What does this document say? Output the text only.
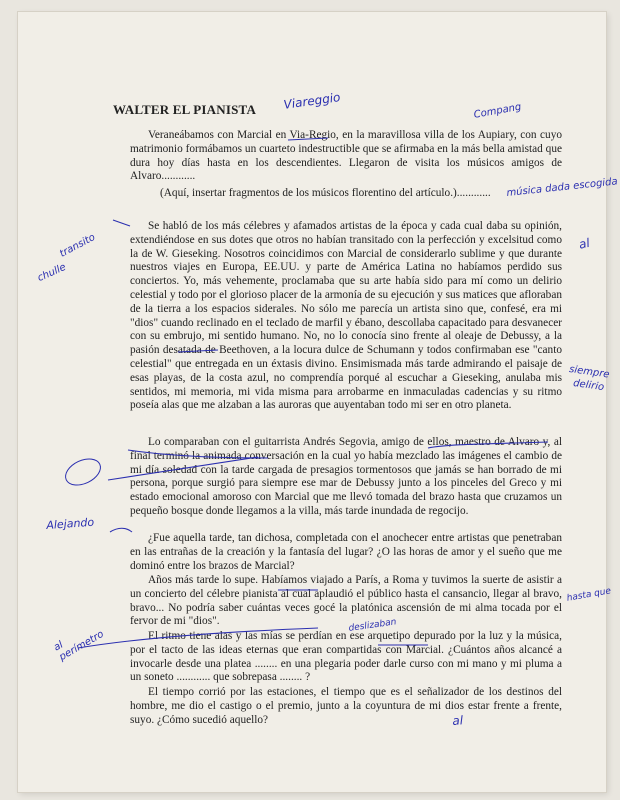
WALTER EL PIANISTA

Veraneábamos con Marcial en Via-Regio, en la maravillosa villa de los Aupiary, con cuyo matrimonio formábamos un cuarteto indestructible que se afirmaba en la más bella amistad que dura hoy días hasta en los descendientes. Llegaron de visita los músicos amigos de Alvaro............

(Aquí, insertar fragmentos de los músicos florentino del artículo.)............

Se habló de los más célebres y afamados artistas de la época y cada cual daba su opinión, extendiéndose en sus dotes que otros no habían transitado con la perfección y excelsitud como la de W. Gieseking. Nosotros coincidimos con Marcial de considerarlo sublime y que durante nuestros viajes en Europa, EE.UU. y parte de América Latina no habíamos perdido sus conciertos. Yo, más vehemente, proclamaba que su arte había sido para mí como un delirio celestial y todo por el glorioso placer de la armonía de su ejecución y sus matices que afloraban de la tierra a los espacios siderales. No sólo me parecía un artista sino que, confesé, era mi "dios" cuando reclinado en el teclado de marfil y ébano, descollaba capacitado para desvanecer con su embrujo, mi sentido humano. No, no lo conocía sino frente al oleaje de Debussy, a la pasión desatada de Beethoven, a la locura dulce de Schumann y todos confirmaban ese "canto celestial" que entregada en un éxtasis divino. Ensimismada más tarde admirando el paisaje de esas playas, de la costa azul, no comprendía porqué al escuchar a Gieseking, anulaba mis sentidos, mi memoria, mi vida misma para arrobarme en inmaculadas cadencias y su ritmo poseía alas que me alzaban a las auroras que auyentaban todo mi ser en otro planeta.

Lo comparaban con el guitarrista Andrés Segovia, amigo de ellos, maestro de Alvaro y, al final terminó la animada conversación en la cual yo había mezclado las imágenes el cambio de mi día soledad con la tarde cargada de presagios tormentosos que jamás se han borrado de mi persona, porque surgió para siempre ese mar de Debussy junto a los pinceles del Greco y mi estado emocional amoroso con Marcial que me llevó tomada del brazo hasta que cruzamos un pequeño bosque donde llegamos a la villa, más tarde inundada de regocijo.

¿Fue aquella tarde, tan dichosa, completada con el anochecer entre artistas que penetraban en las entrañas de la creación y la fantasía del lugar? ¿O las horas de amor y el sueño que me dominó entre los brazos de Marcial?

Años más tarde lo supe. Habíamos viajado a París, a Roma y tuvimos la suerte de asistir a un concierto del célebre pianista al cual aplaudió el público hasta el cansancio, llegar al bravo, bravo... No podría saber cuántas veces gocé la platónica ascensión de mi alma tocada por el fervor de mi "dios".

El ritmo tiene alas y las mías se perdían en ese arquetipo depurado por la luz y la música, por el tacto de las ideas eternas que eran compartidas con Marcial. ¿Cuántos años alcancé a invocarle desde una platea ........ en una plegaria poder darle curso con mi mano y mi pluma a un soneto ............ que sobrepasa ........ ?

El tiempo corrió por las estaciones, el tiempo que es el señalizador de los destinos del hombre, me dio el castigo o el premio, junto a la coyuntura de mi dios estar frente a frente, suyo. ¿Cómo sucedió aquello?

Viareggio	Compang
música dada escogida
transito
chulle
al
siempre
delirio
Alejando
hasta que
al perímetro
deslizaban
al
